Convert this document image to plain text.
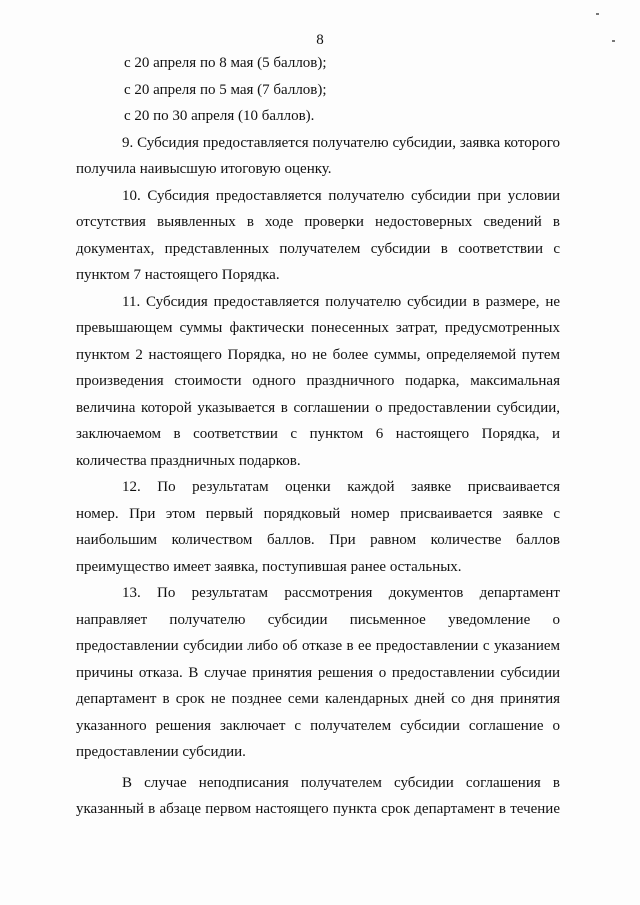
8
с 20 апреля по 8 мая (5 баллов);
с 20 апреля по 5 мая (7 баллов);
с 20 по 30 апреля (10 баллов).
9. Субсидия предоставляется получателю субсидии, заявка которого
получила наивысшую итоговую оценку.
10. Субсидия предоставляется получателю субсидии при условии
отсутствия выявленных в ходе проверки недостоверных сведений в
документах, представленных получателем субсидии в соответствии с
пунктом 7 настоящего Порядка.
11. Субсидия предоставляется получателю субсидии в размере, не
превышающем суммы фактически понесенных затрат, предусмотренных
пунктом 2 настоящего Порядка, но не более суммы, определяемой путем
произведения стоимости одного праздничного подарка, максимальная
величина которой указывается в соглашении о предоставлении субсидии,
заключаемом в соответствии с пунктом 6 настоящего Порядка, и
количества праздничных подарков.
12. По результатам оценки каждой заявке присваивается
номер. При этом первый порядковый номер присваивается заявке с
наибольшим количеством баллов. При равном количестве баллов
преимущество имеет заявка, поступившая ранее остальных.
13. По результатам рассмотрения документов департамент
направляет получателю субсидии письменное уведомление о
предоставлении субсидии либо об отказе в ее предоставлении с указанием
причины отказа. В случае принятия решения о предоставлении субсидии
департамент в срок не позднее семи календарных дней со дня принятия
указанного решения заключает с получателем субсидии соглашение о
предоставлении субсидии.
В случае неподписания получателем субсидии соглашения в
указанный в абзаце первом настоящего пункта срок департамент в течение
